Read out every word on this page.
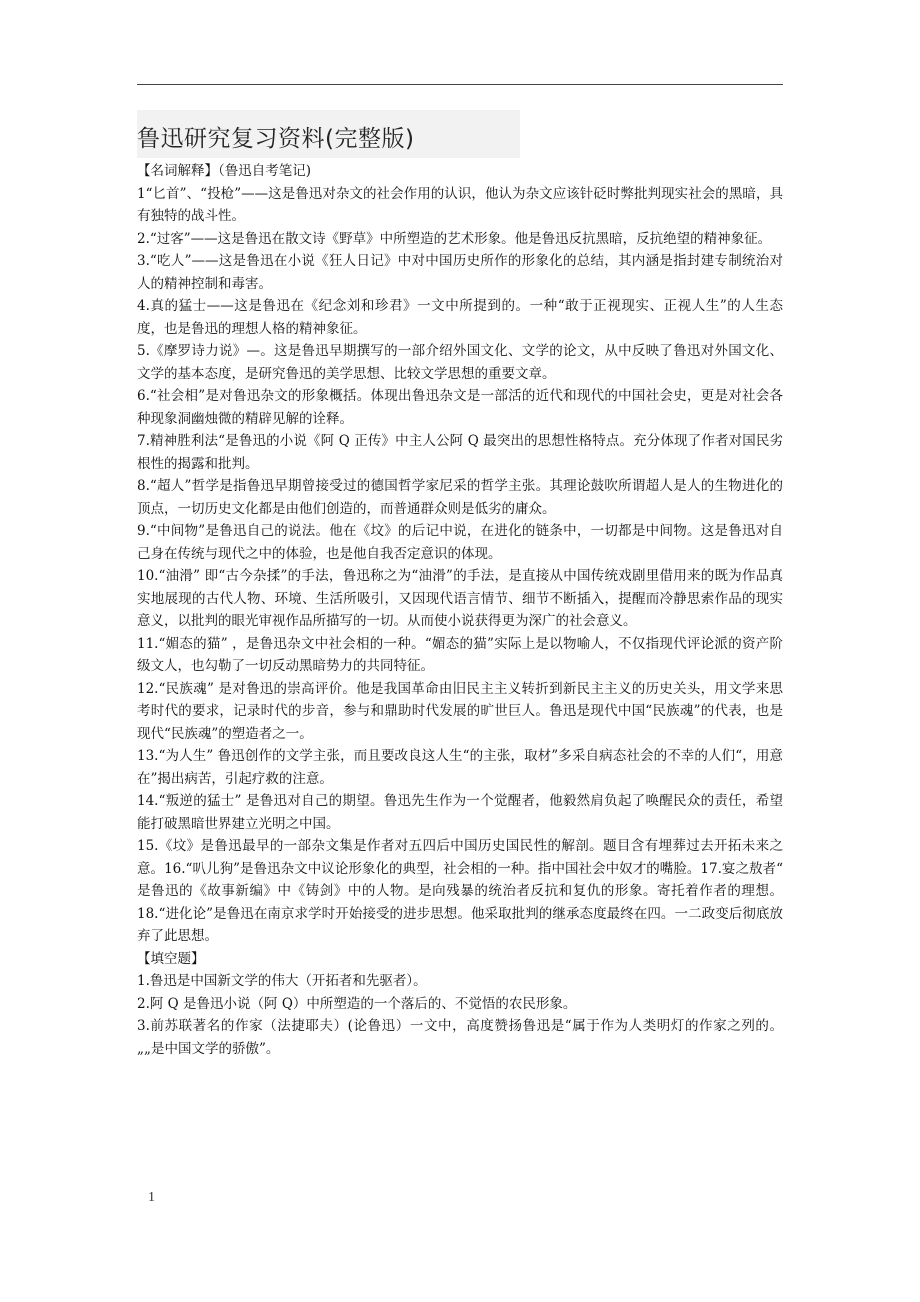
鲁迅研究复习资料(完整版)

【名词解释】（鲁迅自考笔记)

1“匕首”、“投枪”——这是鲁迅对杂文的社会作用的认识，他认为杂文应该针砭时弊批判现实社会的黑暗，具有独特的战斗性。

2.“过客”——这是鲁迅在散文诗《野草》中所塑造的艺术形象。他是鲁迅反抗黑暗，反抗绝望的精神象征。

3.“吃人”——这是鲁迅在小说《狂人日记》中对中国历史所作的形象化的总结，其内涵是指封建专制统治对人的精神控制和毒害。

4.真的猛士——这是鲁迅在《纪念刘和珍君》一文中所提到的。一种“敢于正视现实、正视人生”的人生态度，也是鲁迅的理想人格的精神象征。

5.《摩罗诗力说》—。这是鲁迅早期撰写的一部介绍外国文化、文学的论文，从中反映了鲁迅对外国文化、文学的基本态度，是研究鲁迅的美学思想、比较文学思想的重要文章。

6.“社会相”是对鲁迅杂文的形象概括。体现出鲁迅杂文是一部活的近代和现代的中国社会史，更是对社会各种现象洞幽烛微的精辟见解的诠释。

7.精神胜利法“是鲁迅的小说《阿 Q 正传》中主人公阿 Q 最突出的思想性格特点。充分体现了作者对国民劣根性的揭露和批判。

8.“超人”哲学是指鲁迅早期曾接受过的德国哲学家尼采的哲学主张。其理论鼓吹所谓超人是人的生物进化的顶点，一切历史文化都是由他们创造的，而普通群众则是低劣的庸众。

9.“中间物”是鲁迅自己的说法。他在《坟》的后记中说，在进化的链条中，一切都是中间物。这是鲁迅对自己身在传统与现代之中的体验，也是他自我否定意识的体现。

10.“油滑” 即“古今杂揉”的手法，鲁迅称之为“油滑”的手法，是直接从中国传统戏剧里借用来的既为作品真实地展现的古代人物、环境、生活所吸引，又因现代语言情节、细节不断插入，提醒而冷静思索作品的现实意义，以批判的眼光审视作品所描写的一切。从而使小说获得更为深广的社会意义。

11.“媚态的猫” ，是鲁迅杂文中社会相的一种。“媚态的猫”实际上是以物喻人，不仅指现代评论派的资产阶级文人，也勾勒了一切反动黑暗势力的共同特征。

12.“民族魂” 是对鲁迅的崇高评价。他是我国革命由旧民主主义转折到新民主主义的历史关头，用文学来思考时代的要求，记录时代的步音，参与和鼎助时代发展的旷世巨人。鲁迅是现代中国“民族魂”的代表，也是现代“民族魂”的塑造者之一。

13.“为人生” 鲁迅创作的文学主张，而且要改良这人生“的主张，取材”多采自病态社会的不幸的人们“，用意在”揭出病苦，引起疗救的注意。

14.“叛逆的猛士” 是鲁迅对自己的期望。鲁迅先生作为一个觉醒者，他毅然肩负起了唤醒民众的责任，希望能打破黑暗世界建立光明之中国。

15.《坟》是鲁迅最早的一部杂文集是作者对五四后中国历史国民性的解剖。题目含有埋葬过去开拓未来之意。16.“叭儿狗”是鲁迅杂文中议论形象化的典型，社会相的一种。指中国社会中奴才的嘴脸。17.宴之敖者“ 是鲁迅的《故事新编》中《铸剑》中的人物。是向残暴的统治者反抗和复仇的形象。寄托着作者的理想。18.“进化论”是鲁迅在南京求学时开始接受的进步思想。他采取批判的继承态度最终在四。一二政变后彻底放弃了此思想。

【填空题】

1.鲁迅是中国新文学的伟大（开拓者和先驱者）。

2.阿 Q 是鲁迅小说（阿 Q）中所塑造的一个落后的、不觉悟的农民形象。

3.前苏联著名的作家（法捷耶夫）(论鲁迅）一文中，高度赞扬鲁迅是“属于作为人类明灯的作家之列的。„„是中国文学的骄傲”。

1
